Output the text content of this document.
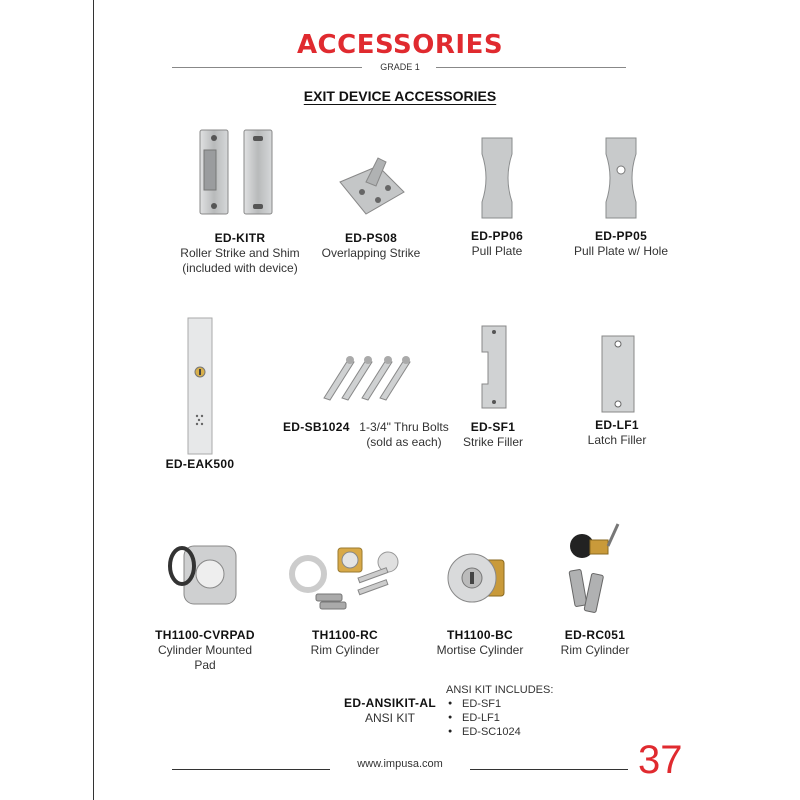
ACCESSORIES
GRADE 1
EXIT DEVICE ACCESSORIES
ED-KITR
Roller Strike and Shim
(included with device)
ED-PS08
Overlapping Strike
ED-PP06
Pull Plate
ED-PP05
Pull Plate w/ Hole
ED-EAK500
ED-SB1024 1-3/4" Thru Bolts
(sold as each)
ED-SF1
Strike Filler
ED-LF1
Latch Filler
TH1100-CVRPAD
Cylinder Mounted
Pad
TH1100-RC
Rim Cylinder
TH1100-BC
Mortise Cylinder
ED-RC051
Rim Cylinder
ED-ANSIKIT-AL
ANSI KIT
ANSI KIT INCLUDES:
● ED-SF1
● ED-LF1
● ED-SC1024
www.impusa.com	37
